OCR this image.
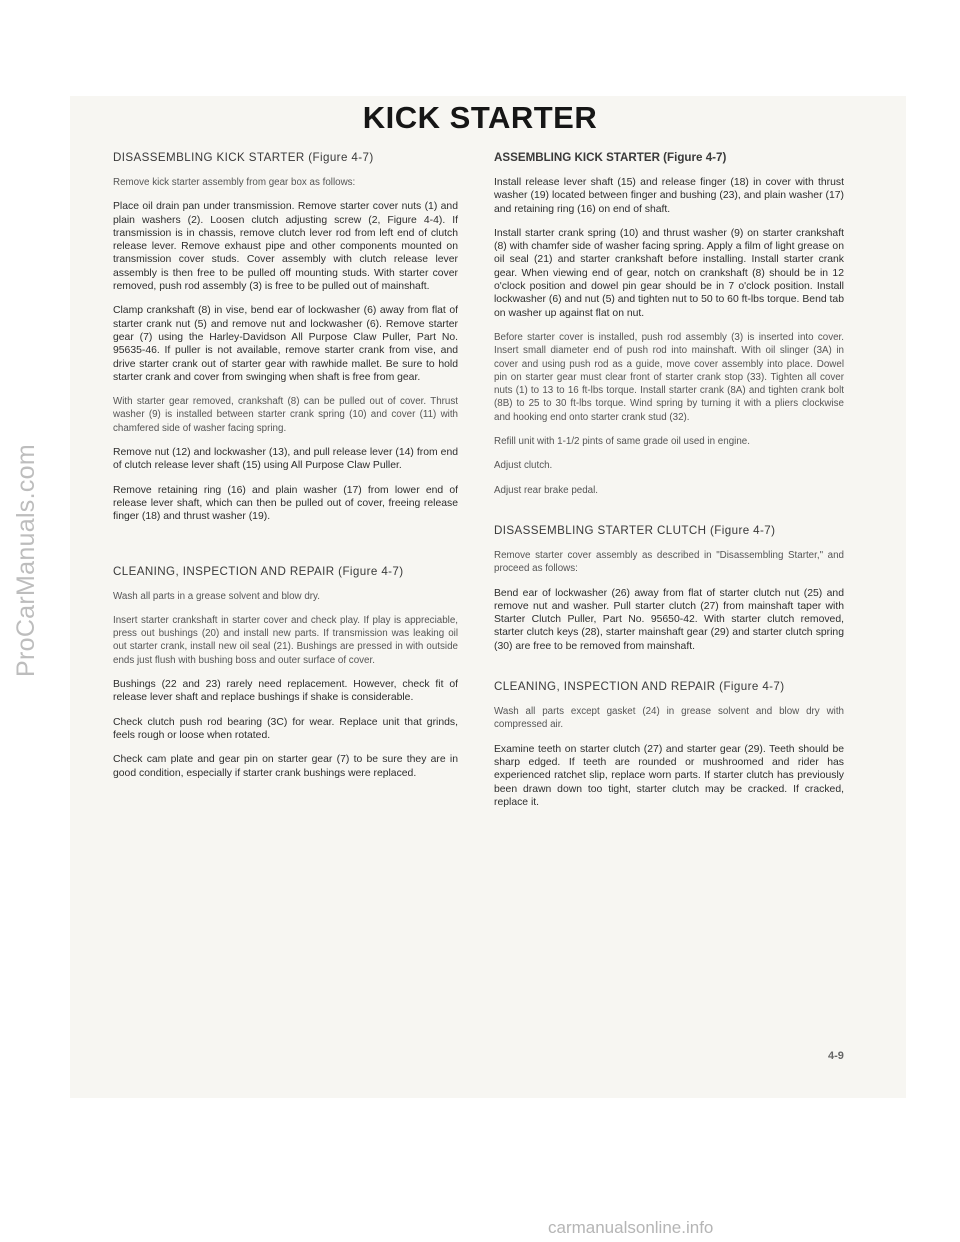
ProCarManuals.com
KICK STARTER

DISASSEMBLING KICK STARTER (Figure 4-7)

Remove kick starter assembly from gear box as follows:

Place oil drain pan under transmission. Remove starter cover nuts (1) and plain washers (2). Loosen clutch adjusting screw (2, Figure 4-4). If transmission is in chassis, remove clutch lever rod from left end of clutch release lever. Remove exhaust pipe and other components mounted on transmission cover studs. Cover assembly with clutch release lever assembly is then free to be pulled off mounting studs. With starter cover removed, push rod assembly (3) is free to be pulled out of mainshaft.

Clamp crankshaft (8) in vise, bend ear of lockwasher (6) away from flat of starter crank nut (5) and remove nut and lockwasher (6). Remove starter gear (7) using the Harley-Davidson All Purpose Claw Puller, Part No. 95635-46. If puller is not available, remove starter crank from vise, and drive starter crank out of starter gear with rawhide mallet. Be sure to hold starter crank and cover from swinging when shaft is free from gear.

With starter gear removed, crankshaft (8) can be pulled out of cover. Thrust washer (9) is installed between starter crank spring (10) and cover (11) with chamfered side of washer facing spring.

Remove nut (12) and lockwasher (13), and pull release lever (14) from end of clutch release lever shaft (15) using All Purpose Claw Puller.

Remove retaining ring (16) and plain washer (17) from lower end of release lever shaft, which can then be pulled out of cover, freeing release finger (18) and thrust washer (19).

CLEANING, INSPECTION AND REPAIR (Figure 4-7)

Wash all parts in a grease solvent and blow dry.

Insert starter crankshaft in starter cover and check play. If play is appreciable, press out bushings (20) and install new parts. If transmission was leaking oil out starter crank, install new oil seal (21). Bushings are pressed in with outside ends just flush with bushing boss and outer surface of cover.

Bushings (22 and 23) rarely need replacement. However, check fit of release lever shaft and replace bushings if shake is considerable.

Check clutch push rod bearing (3C) for wear. Replace unit that grinds, feels rough or loose when rotated.

Check cam plate and gear pin on starter gear (7) to be sure they are in good condition, especially if starter crank bushings were replaced.

ASSEMBLING KICK STARTER (Figure 4-7)

Install release lever shaft (15) and release finger (18) in cover with thrust washer (19) located between finger and bushing (23), and plain washer (17) and retaining ring (16) on end of shaft.

Install starter crank spring (10) and thrust washer (9) on starter crankshaft (8) with chamfer side of washer facing spring. Apply a film of light grease on oil seal (21) and starter crankshaft before installing. Install starter crank gear. When viewing end of gear, notch on crankshaft (8) should be in 12 o'clock position and dowel pin gear should be in 7 o'clock position. Install lockwasher (6) and nut (5) and tighten nut to 50 to 60 ft-lbs torque. Bend tab on washer up against flat on nut.

Before starter cover is installed, push rod assembly (3) is inserted into cover. Insert small diameter end of push rod into mainshaft. With oil slinger (3A) in cover and using push rod as a guide, move cover assembly into place. Dowel pin on starter gear must clear front of starter crank stop (33). Tighten all cover nuts (1) to 13 to 16 ft-lbs torque. Install starter crank (8A) and tighten crank bolt (8B) to 25 to 30 ft-lbs torque. Wind spring by turning it with a pliers clockwise and hooking end onto starter crank stud (32).

Refill unit with 1-1/2 pints of same grade oil used in engine.

Adjust clutch.

Adjust rear brake pedal.

DISASSEMBLING STARTER CLUTCH (Figure 4-7)

Remove starter cover assembly as described in "Disassembling Starter," and proceed as follows:

Bend ear of lockwasher (26) away from flat of starter clutch nut (25) and remove nut and washer. Pull starter clutch (27) from mainshaft taper with Starter Clutch Puller, Part No. 95650-42. With starter clutch removed, starter clutch keys (28), starter mainshaft gear (29) and starter clutch spring (30) are free to be removed from mainshaft.

CLEANING, INSPECTION AND REPAIR (Figure 4-7)

Wash all parts except gasket (24) in grease solvent and blow dry with compressed air.

Examine teeth on starter clutch (27) and starter gear (29). Teeth should be sharp edged. If teeth are rounded or mushroomed and rider has experienced ratchet slip, replace worn parts. If starter clutch has previously been drawn down too tight, starter clutch may be cracked. If cracked, replace it.

4-9
carmanualsonline.info
